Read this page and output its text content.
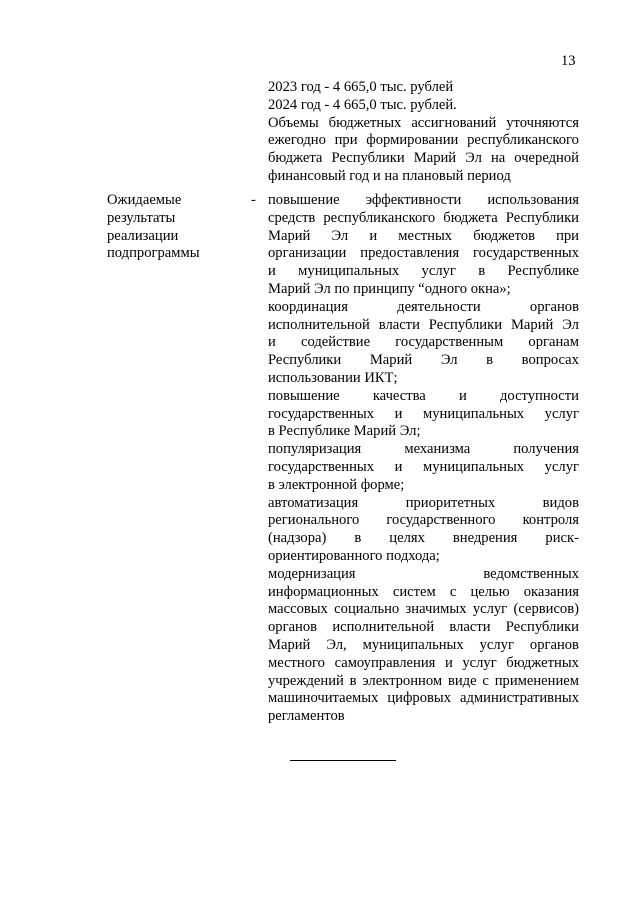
13
2023 год - 4 665,0 тыс. рублей
2024 год - 4 665,0 тыс. рублей.
Объемы бюджетных ассигнований уточняются
ежегодно при формировании республиканского
бюджета Республики Марий Эл на очередной
финансовый год и на плановый период
Ожидаемые
результаты
реализации
подпрограммы
- повышение эффективности использования
средств республиканского бюджета Республики
Марий Эл и местных бюджетов при
организации предоставления государственных
и муниципальных услуг в Республике
Марий Эл по принципу “одного окна»;
координация	деятельности	органов
исполнительной власти Республики Марий Эл
и содействие государственным органам
Республики Марий Эл в вопросах
использовании ИКТ;
повышение качества и доступности
государственных и муниципальных услуг
в Республике Марий Эл;
популяризация	механизма	получения
государственных и муниципальных услуг
в электронной форме;
автоматизация	приоритетных	видов
регионального государственного контроля
(надзора) в целях внедрения риск-
ориентированного подхода;
модернизация	ведомственных
информационных систем с целью оказания
массовых социально значимых услуг (сервисов)
органов исполнительной власти Республики
Марий Эл, муниципальных услуг органов
местного самоуправления и услуг бюджетных
учреждений в электронном виде с применением
машиночитаемых цифровых административных
регламентов
